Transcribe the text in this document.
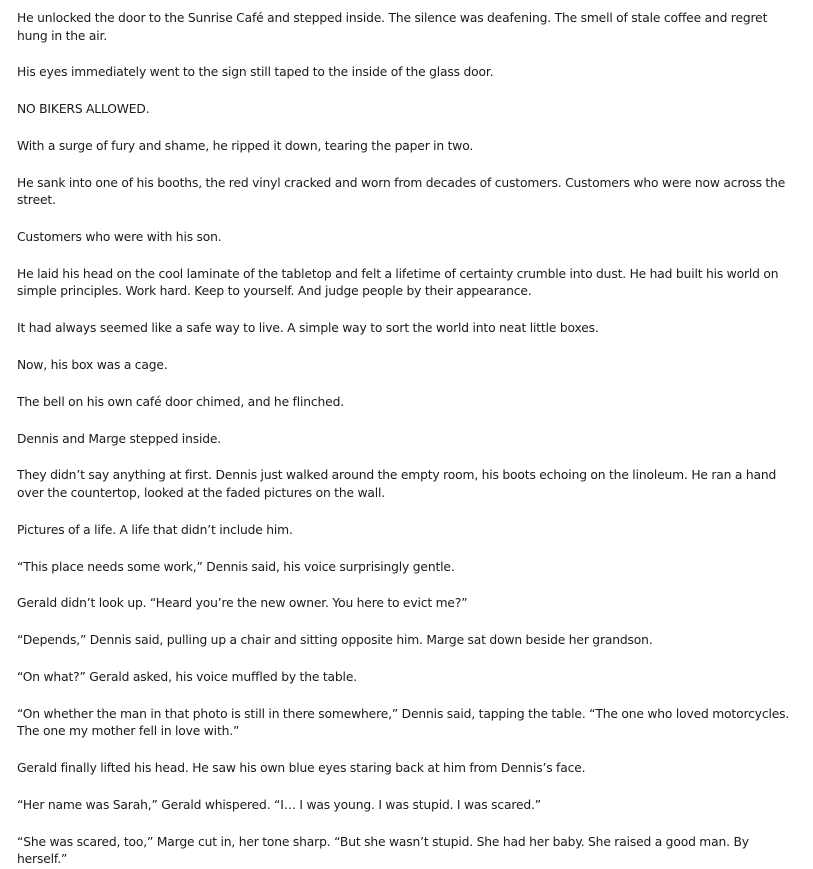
He unlocked the door to the Sunrise Café and stepped inside. The silence was deafening. The smell of stale coffee and regret hung in the air.

His eyes immediately went to the sign still taped to the inside of the glass door.

NO BIKERS ALLOWED.

With a surge of fury and shame, he ripped it down, tearing the paper in two.

He sank into one of his booths, the red vinyl cracked and worn from decades of customers. Customers who were now across the street.

Customers who were with his son.

He laid his head on the cool laminate of the tabletop and felt a lifetime of certainty crumble into dust. He had built his world on simple principles. Work hard. Keep to yourself. And judge people by their appearance.

It had always seemed like a safe way to live. A simple way to sort the world into neat little boxes.

Now, his box was a cage.

The bell on his own café door chimed, and he flinched.

Dennis and Marge stepped inside.

They didn’t say anything at first. Dennis just walked around the empty room, his boots echoing on the linoleum. He ran a hand over the countertop, looked at the faded pictures on the wall.

Pictures of a life. A life that didn’t include him.

“This place needs some work,” Dennis said, his voice surprisingly gentle.

Gerald didn’t look up. “Heard you’re the new owner. You here to evict me?”

“Depends,” Dennis said, pulling up a chair and sitting opposite him. Marge sat down beside her grandson.

“On what?” Gerald asked, his voice muffled by the table.

“On whether the man in that photo is still in there somewhere,” Dennis said, tapping the table. “The one who loved motorcycles. The one my mother fell in love with.”

Gerald finally lifted his head. He saw his own blue eyes staring back at him from Dennis’s face.

“Her name was Sarah,” Gerald whispered. “I… I was young. I was stupid. I was scared.”

“She was scared, too,” Marge cut in, her tone sharp. “But she wasn’t stupid. She had her baby. She raised a good man. By herself.”
